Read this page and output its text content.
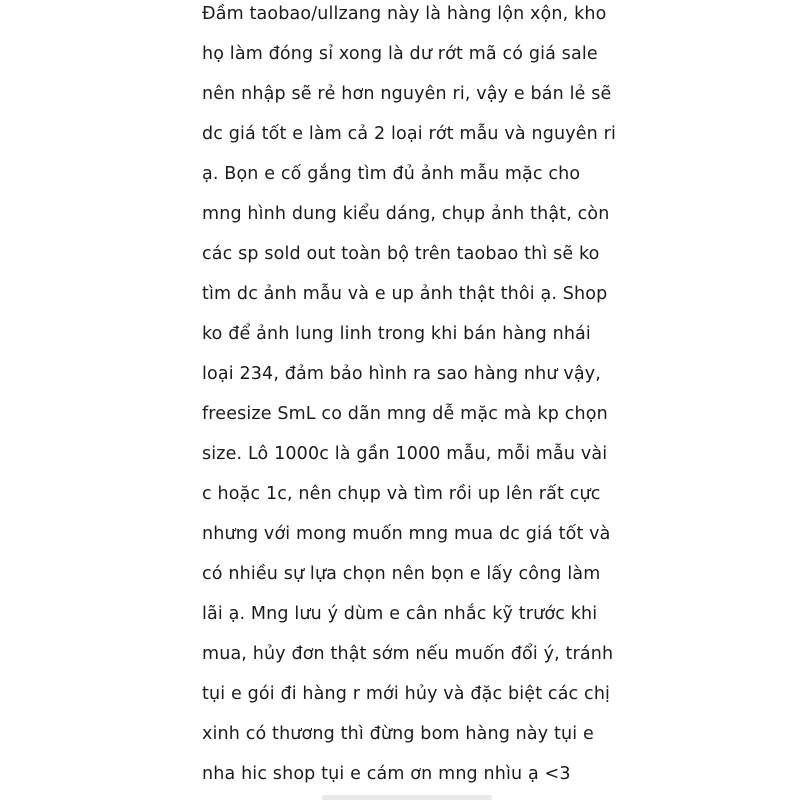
Đầm taobao/ullzang này là hàng lộn xộn, kho

họ làm đóng sỉ xong là dư rớt mã có giá sale

nên nhập sẽ rẻ hơn nguyên ri, vậy e bán lẻ sẽ

dc giá tốt e làm cả 2 loại rớt mẫu và nguyên ri

ạ. Bọn e cố gắng tìm đủ ảnh mẫu mặc cho

mng hình dung kiểu dáng, chụp ảnh thật, còn

các sp sold out toàn bộ trên taobao thì sẽ ko

tìm dc ảnh mẫu và e up ảnh thật thôi ạ. Shop

ko để ảnh lung linh trong khi bán hàng nhái

loại 234, đảm bảo hình ra sao hàng như vậy,

freesize SmL co dãn mng dễ mặc mà kp chọn

size. Lô 1000c là gần 1000 mẫu, mỗi mẫu vài

c hoặc 1c, nên chụp và tìm rồi up lên rất cực

nhưng với mong muốn mng mua dc giá tốt và

có nhiều sự lựa chọn nên bọn e lấy công làm

lãi ạ. Mng lưu ý dùm e cân nhắc kỹ trước khi

mua, hủy đơn thật sớm nếu muốn đổi ý, tránh

tụi e gói đi hàng r mới hủy và đặc biệt các chị

xinh có thương thì đừng bom hàng này tụi e

nha hic shop tụi e cám ơn mng nhìu ạ <3
